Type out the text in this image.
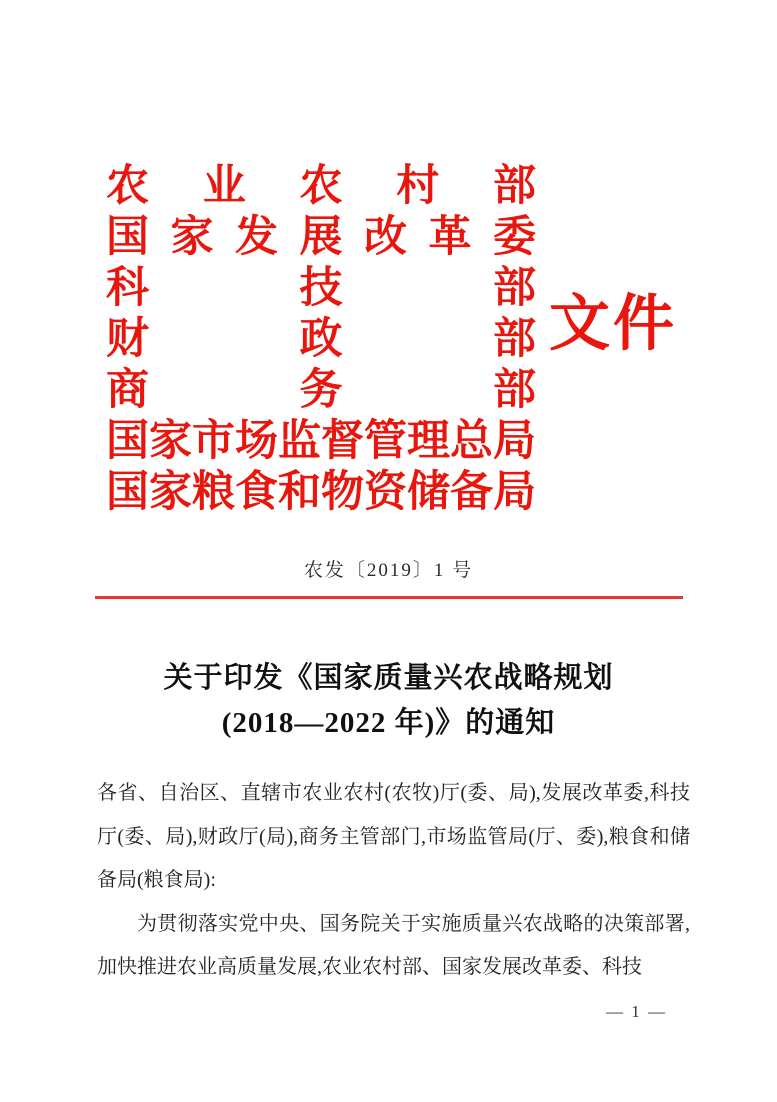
农 业 农 村 部
国 家 发 展 改 革 委
科	技	部
财	政	部
商	务	部
国 家 市 场 监 督 管 理 总 局
国 家 粮 食 和 物 资 储 备 局
文件
农发〔2019〕1 号
关于印发《国家质量兴农战略规划
(2018—2022 年)》的通知

各省、自治区、直辖市农业农村(农牧)厅(委、局),发展改革委,科技厅(委、局),财政厅(局),商务主管部门,市场监管局(厅、委),粮食和储备局(粮食局):

为贯彻落实党中央、国务院关于实施质量兴农战略的决策部署,加快推进农业高质量发展,农业农村部、国家发展改革委、科技

— 1 —
